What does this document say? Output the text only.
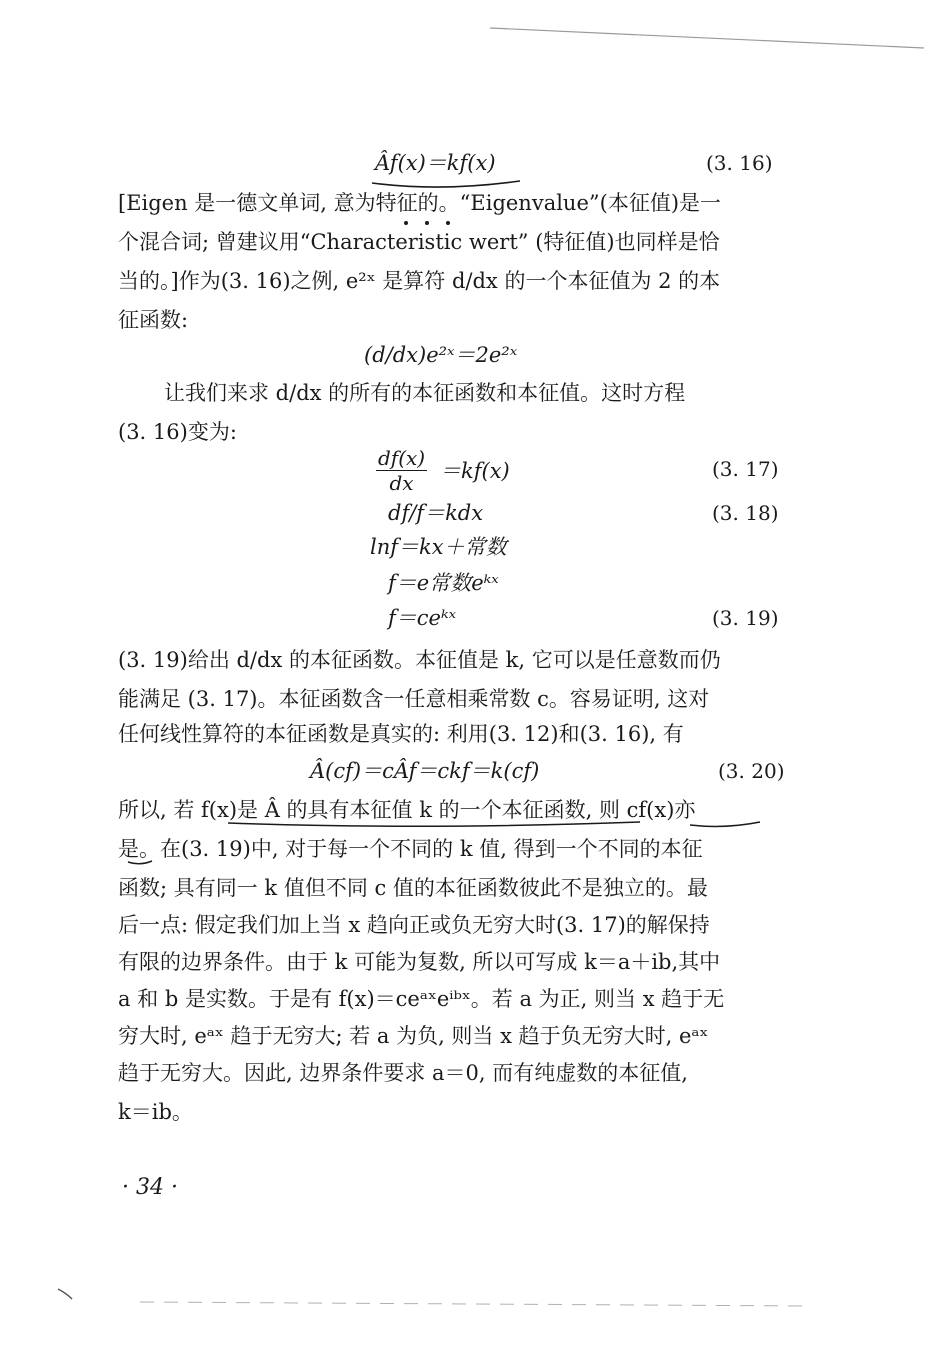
Âf(x)＝kf(x)	(3. 16)
[Eigen 是一德文单词, 意为特征的。“Eigenvalue”(本征值)是一
个混合词; 曾建议用“Characteristic wert” (特征值)也同样是恰
当的。]作为(3. 16)之例, e²ˣ 是算符 d/dx 的一个本征值为 2 的本
征函数:
(d/dx)e²ˣ＝2e²ˣ
让我们来求 d/dx 的所有的本征函数和本征值。这时方程
(3. 16)变为:
$\frac{df(x)}{dx} =kf(x)$	(3. 17)
df/f＝kdx	(3. 18)
lnf＝kx＋常数
f＝e常数eᵏˣ
f＝ceᵏˣ	(3. 19)
(3. 19)给出 d/dx 的本征函数。本征值是 k, 它可以是任意数而仍
能满足 (3. 17)。本征函数含一任意相乘常数 c。容易证明, 这对
任何线性算符的本征函数是真实的: 利用(3. 12)和(3. 16), 有
Â(cf)＝cÂf＝ckf＝k(cf)	(3. 20)
所以, 若 f(x)是 Â 的具有本征值 k 的一个本征函数, 则 cf(x)亦
是。在(3. 19)中, 对于每一个不同的 k 值, 得到一个不同的本征
函数; 具有同一 k 值但不同 c 值的本征函数彼此不是独立的。最
后一点: 假定我们加上当 x 趋向正或负无穷大时(3. 17)的解保持
有限的边界条件。由于 k 可能为复数, 所以可写成 k＝a＋ib,其中
a 和 b 是实数。于是有 f(x)＝ceᵃˣeⁱᵇˣ。若 a 为正, 则当 x 趋于无
穷大时, eᵃˣ 趋于无穷大; 若 a 为负, 则当 x 趋于负无穷大时, eᵃˣ
趋于无穷大。因此, 边界条件要求 a＝0, 而有纯虚数的本征值,
k＝ib。
· 34 ·
